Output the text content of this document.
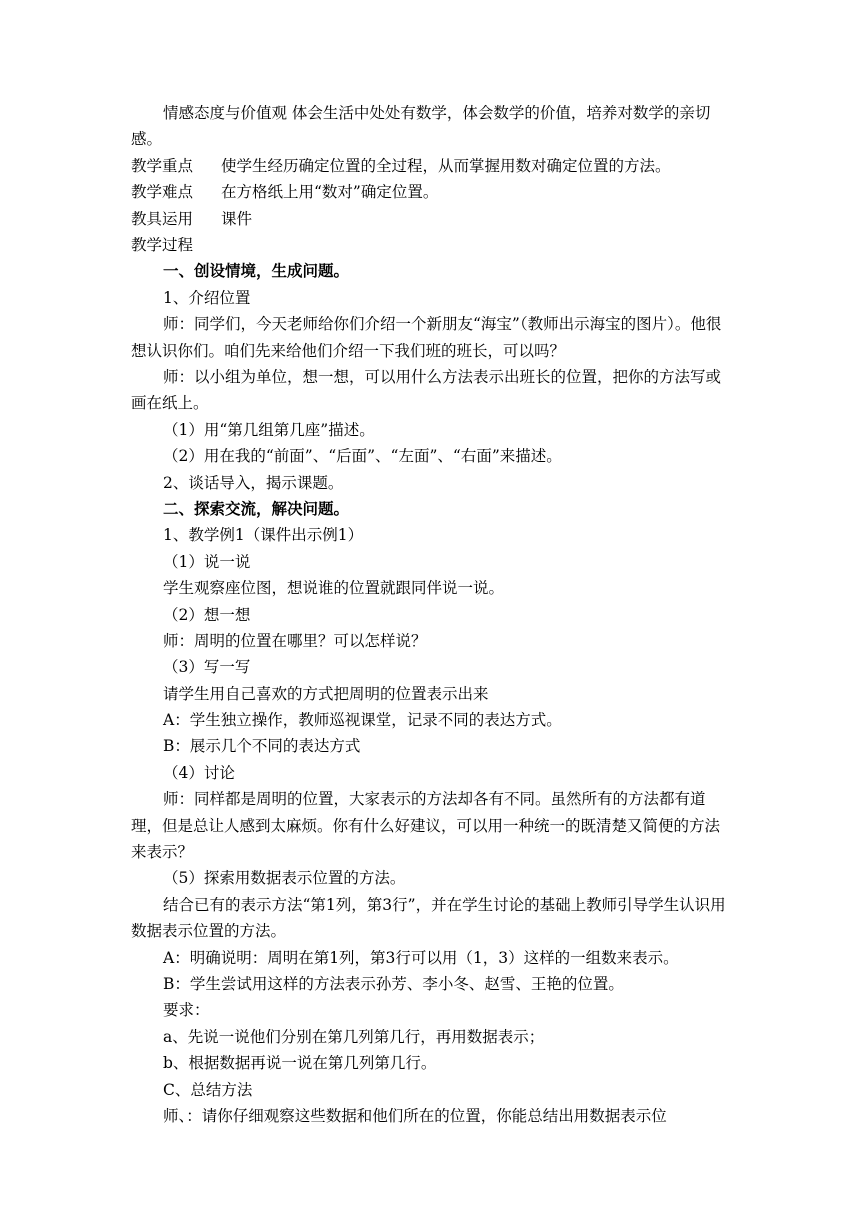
情感态度与价值观 体会生活中处处有数学，体会数学的价值，培养对数学的亲切感。
教学重点 使学生经历确定位置的全过程，从而掌握用数对确定位置的方法。
教学难点 在方格纸上用“数对”确定位置。
教具运用 课件
教学过程
一、创设情境，生成问题。
1、介绍位置
师：同学们，今天老师给你们介绍一个新朋友“海宝”（教师出示海宝的图片）。他很想认识你们。咱们先来给他们介绍一下我们班的班长，可以吗？
师：以小组为单位，想一想，可以用什么方法表示出班长的位置，把你的方法写或画在纸上。
（1）用“第几组第几座”描述。
（2）用在我的“前面”、“后面”、“左面”、“右面”来描述。
2、谈话导入，揭示课题。
二、探索交流，解决问题。
1、教学例1（课件出示例1）
（1）说一说
学生观察座位图，想说谁的位置就跟同伴说一说。
（2）想一想
师：周明的位置在哪里？可以怎样说？
（3）写一写
请学生用自己喜欢的方式把周明的位置表示出来
A：学生独立操作，教师巡视课堂，记录不同的表达方式。
B：展示几个不同的表达方式
（4）讨论
师：同样都是周明的位置，大家表示的方法却各有不同。虽然所有的方法都有道理，但是总让人感到太麻烦。你有什么好建议，可以用一种统一的既清楚又简便的方法来表示？
（5）探索用数据表示位置的方法。
结合已有的表示方法“第1列，第3行”，并在学生讨论的基础上教师引导学生认识用数据表示位置的方法。
A：明确说明：周明在第1列，第3行可以用（1，3）这样的一组数来表示。
B：学生尝试用这样的方法表示孙芳、李小冬、赵雪、王艳的位置。
要求：
a、先说一说他们分别在第几列第几行，再用数据表示；
b、根据数据再说一说在第几列第几行。
C、总结方法
师、：请你仔细观察这些数据和他们所在的位置，你能总结出用数据表示位
